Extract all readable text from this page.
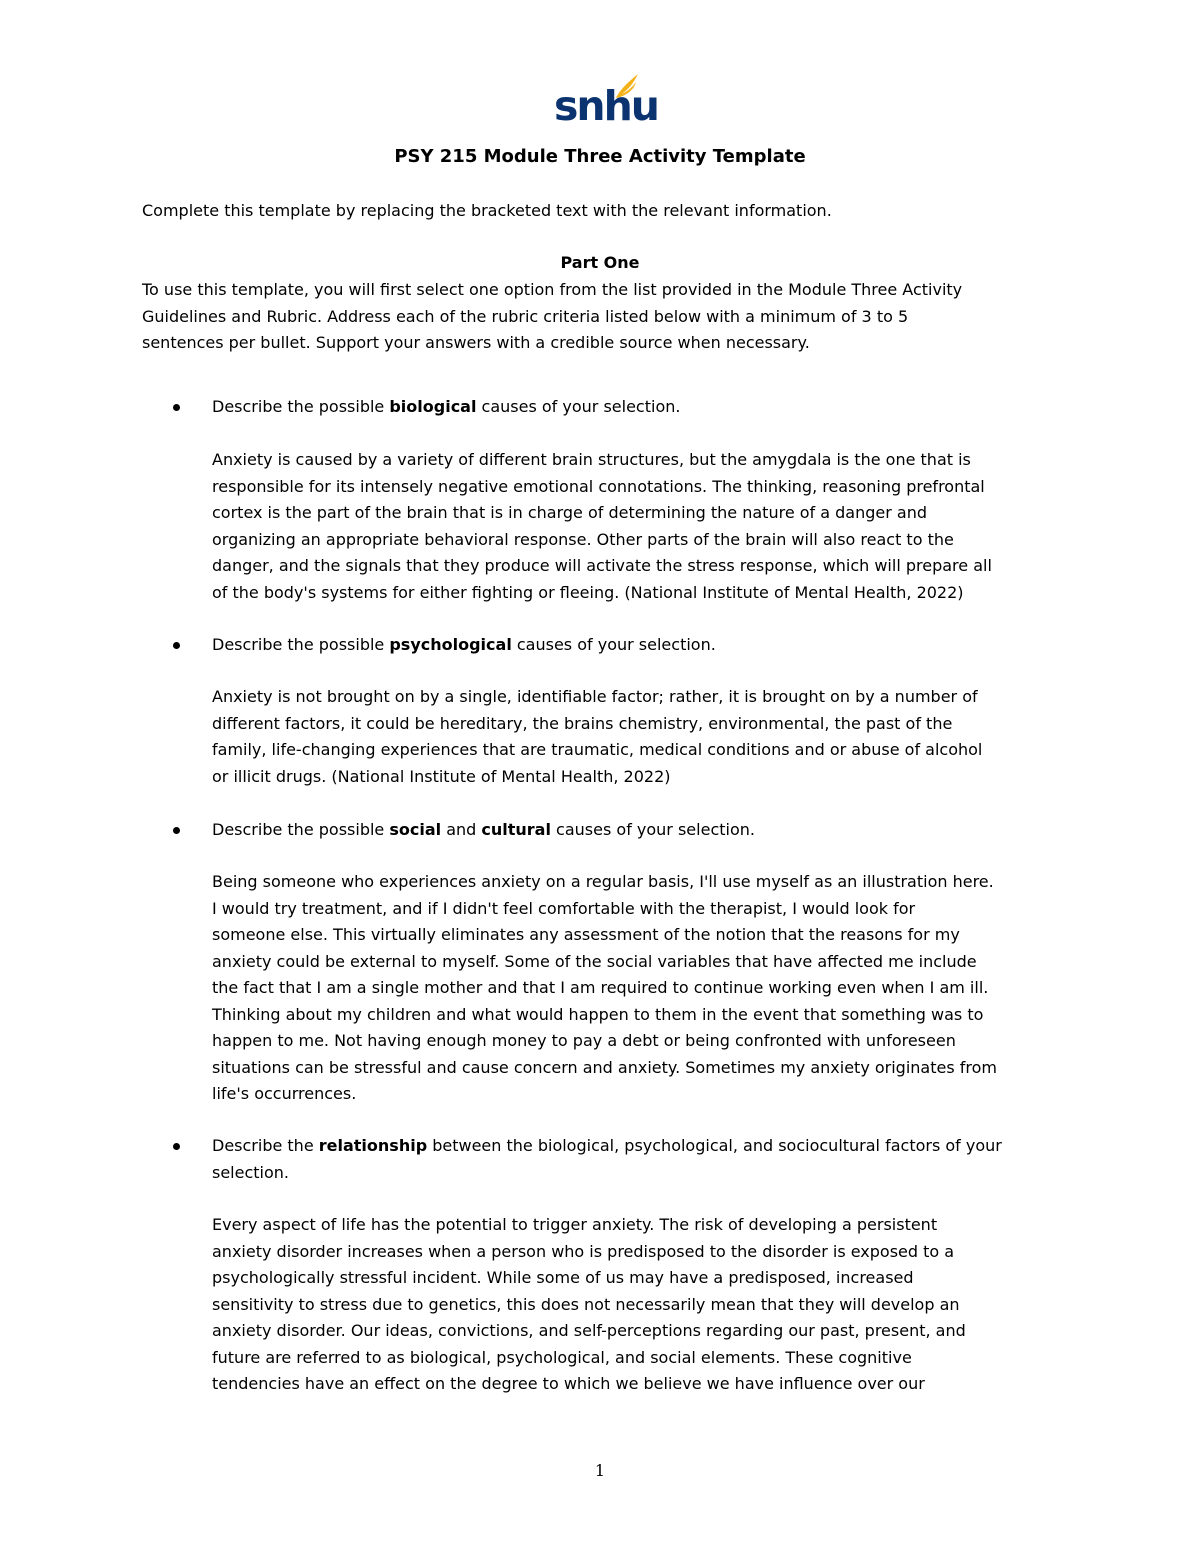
snhu
PSY 215 Module Three Activity Template
Complete this template by replacing the bracketed text with the relevant information.
Part One
To use this template, you will first select one option from the list provided in the Module Three Activity
Guidelines and Rubric. Address each of the rubric criteria listed below with a minimum of 3 to 5
sentences per bullet. Support your answers with a credible source when necessary.
Describe the possible biological causes of your selection.
Anxiety is caused by a variety of different brain structures, but the amygdala is the one that is
responsible for its intensely negative emotional connotations. The thinking, reasoning prefrontal
cortex is the part of the brain that is in charge of determining the nature of a danger and
organizing an appropriate behavioral response. Other parts of the brain will also react to the
danger, and the signals that they produce will activate the stress response, which will prepare all
of the body's systems for either fighting or fleeing. (National Institute of Mental Health, 2022)
Describe the possible psychological causes of your selection.
Anxiety is not brought on by a single, identifiable factor; rather, it is brought on by a number of
different factors, it could be hereditary, the brains chemistry, environmental, the past of the
family, life-changing experiences that are traumatic, medical conditions and or abuse of alcohol
or illicit drugs. (National Institute of Mental Health, 2022)
Describe the possible social and cultural causes of your selection.
Being someone who experiences anxiety on a regular basis, I'll use myself as an illustration here.
I would try treatment, and if I didn't feel comfortable with the therapist, I would look for
someone else. This virtually eliminates any assessment of the notion that the reasons for my
anxiety could be external to myself. Some of the social variables that have affected me include
the fact that I am a single mother and that I am required to continue working even when I am ill.
Thinking about my children and what would happen to them in the event that something was to
happen to me. Not having enough money to pay a debt or being confronted with unforeseen
situations can be stressful and cause concern and anxiety. Sometimes my anxiety originates from
life's occurrences.
Describe the relationship between the biological, psychological, and sociocultural factors of your
selection.
Every aspect of life has the potential to trigger anxiety. The risk of developing a persistent
anxiety disorder increases when a person who is predisposed to the disorder is exposed to a
psychologically stressful incident. While some of us may have a predisposed, increased
sensitivity to stress due to genetics, this does not necessarily mean that they will develop an
anxiety disorder. Our ideas, convictions, and self-perceptions regarding our past, present, and
future are referred to as biological, psychological, and social elements. These cognitive
tendencies have an effect on the degree to which we believe we have influence over our
1
